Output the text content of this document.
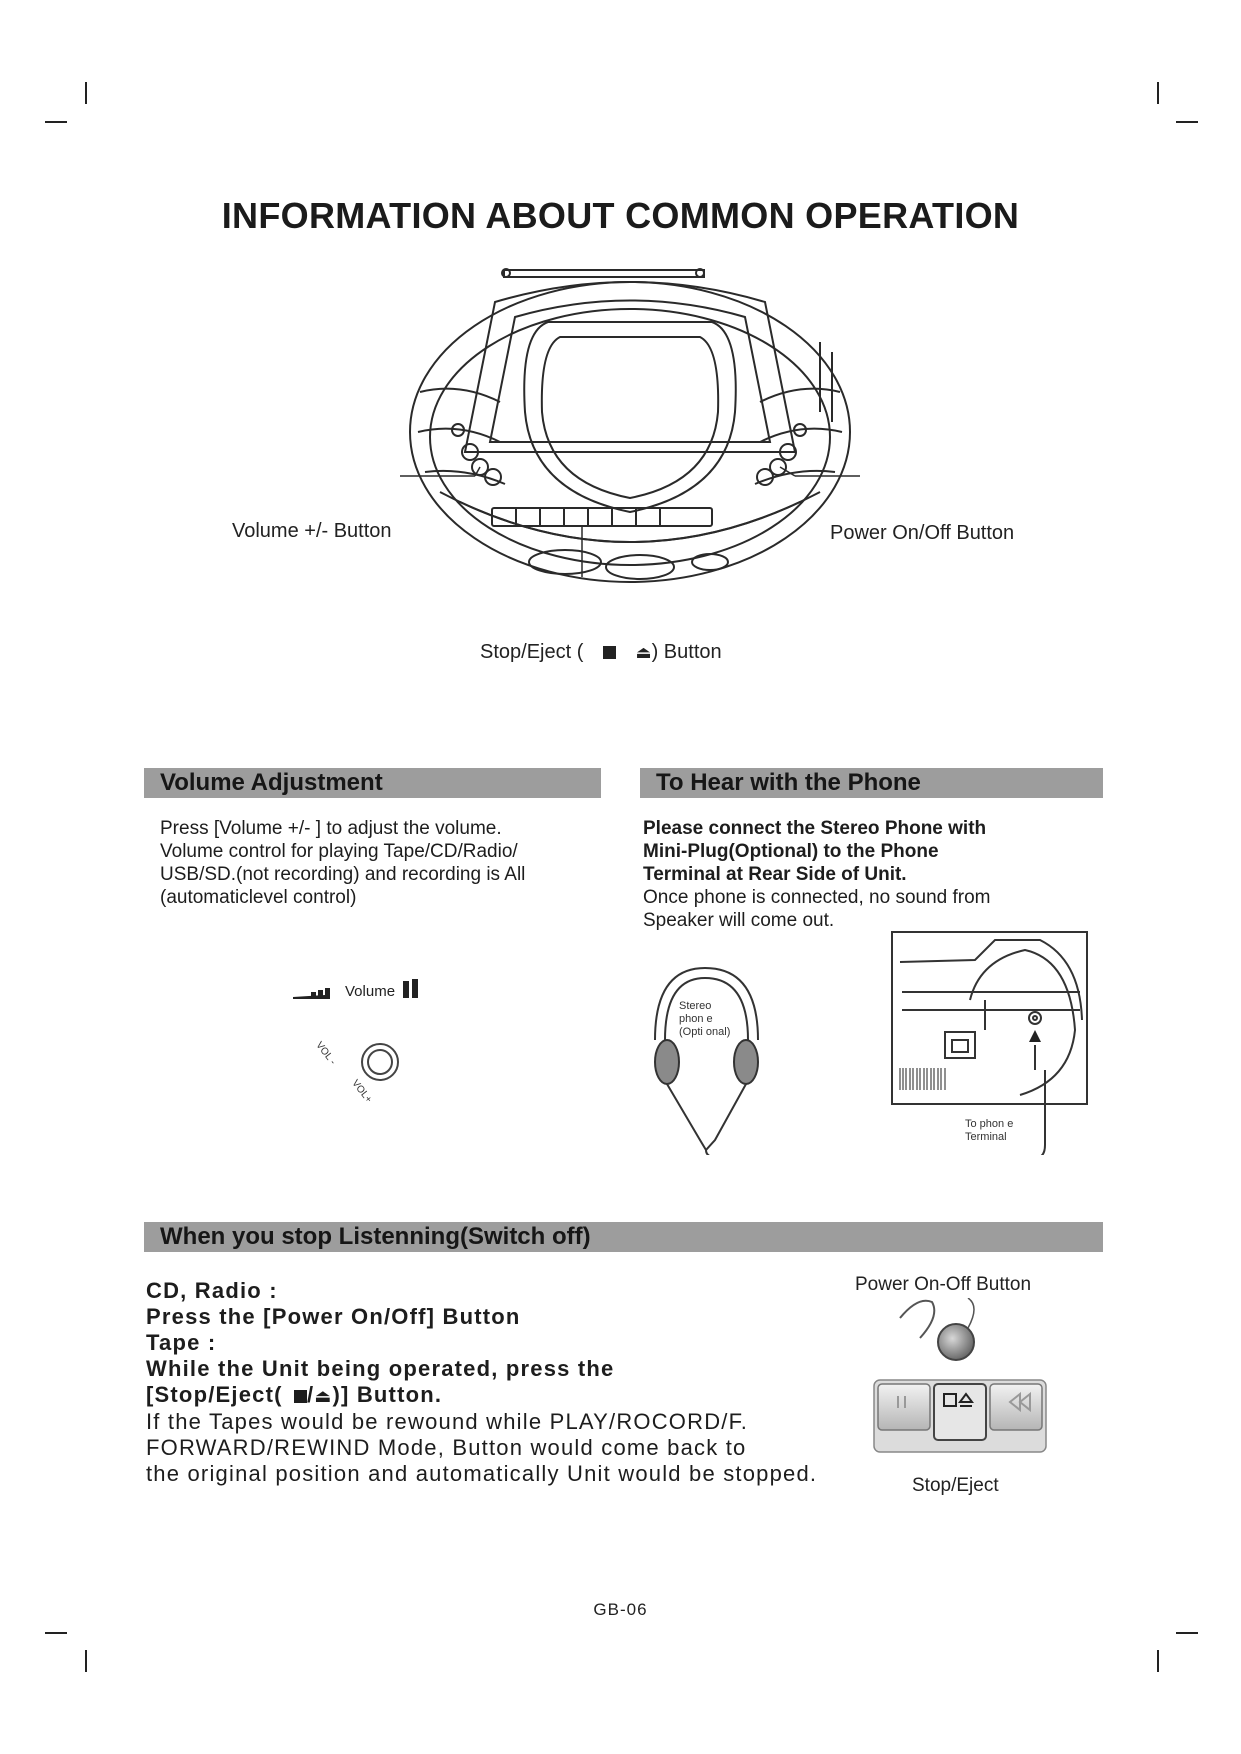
INFORMATION ABOUT COMMON OPERATION
Volume +/- Button	Power On/Off Button
Stop/Eject (	⏏) Button
Volume Adjustment
Press [Volume +/- ] to adjust the volume.
Volume control for playing Tape/CD/Radio/
USB/SD.(not recording) and recording is All
(automaticlevel control)
Volume
VOL -
VOL+
To Hear with the Phone
Please connect the Stereo Phone with
Mini-Plug(Optional) to the Phone
Terminal at Rear Side of Unit.
Once phone is connected, no sound from
Speaker will come out.
Stereo
phon e
(Opti onal)
To phon e
Terminal
When you stop Listenning(Switch off)
CD, Radio :
Press the [Power On/Off] Button
Tape :
While the Unit being operated, press the
[Stop/Eject( /⏏)] Button.
If the Tapes would be rewound while PLAY/ROCORD/F.
FORWARD/REWIND Mode, Button would come back to
the original position and automatically Unit would be stopped.
Power On-Off Button
Stop/Eject
GB-06
